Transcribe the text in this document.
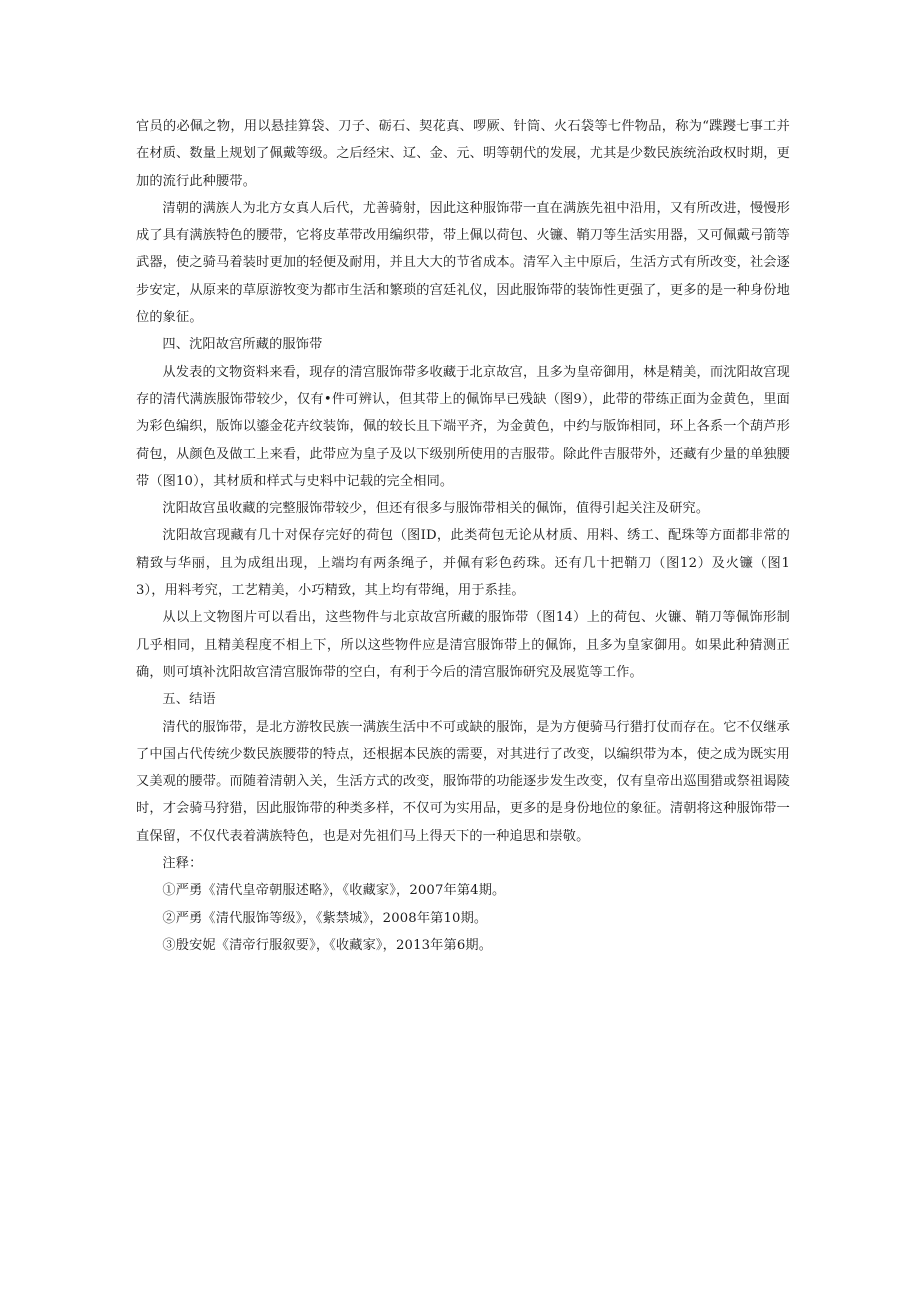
官员的必佩之物，用以悬挂算袋、刀子、砺石、契花真、啰厥、针筒、火石袋等七件物品，称为“蹀躞七事工并在材质、数量上规划了佩戴等级。之后经宋、辽、金、元、明等朝代的发展，尤其是少数民族统治政权时期，更加的流行此种腰带。

清朝的满族人为北方女真人后代，尤善骑射，因此这种服饰带一直在满族先祖中沿用，又有所改进，慢慢形成了具有满族特色的腰带，它将皮革带改用编织带，带上佩以荷包、火镰、鞘刀等生活实用器，又可佩戴弓箭等武器，使之骑马着装时更加的轻便及耐用，并且大大的节省成本。清军入主中原后，生活方式有所改变，社会逐步安定，从原来的草原游牧变为都市生活和繁琐的宫廷礼仪，因此服饰带的装饰性更强了，更多的是一种身份地位的象征。

四、沈阳故宫所藏的服饰带

从发表的文物资料来看，现存的清宫服饰带多收藏于北京故宫，且多为皇帝御用，林是精美，而沈阳故宫现存的清代满族服饰带较少，仅有•件可辨认，但其带上的佩饰早已残缺（图9），此带的带练正面为金黄色，里面为彩色编织，版饰以鎏金花卉纹装饰，佩的较长且下端平齐，为金黄色，中约与版饰相同，环上各系一个葫芦形荷包，从颜色及做工上来看，此带应为皇子及以下级别所使用的吉服带。除此件吉服带外，还藏有少量的单独腰带（图10），其材质和样式与史料中记载的完全相同。

沈阳故宫虽收藏的完整服饰带较少，但还有很多与服饰带相关的佩饰，值得引起关注及研究。

沈阳故宫现藏有几十对保存完好的荷包（图ID，此类荷包无论从材质、用料、绣工、配珠等方面都非常的精致与华丽，且为成组出现，上端均有两条绳子，并佩有彩色药珠。还有几十把鞘刀（图12）及火镰（图13），用料考究，工艺精美，小巧精致，其上均有带绳，用于系挂。

从以上文物图片可以看出，这些物件与北京故宫所藏的服饰带（图14）上的荷包、火镰、鞘刀等佩饰形制几乎相同，且精美程度不相上下，所以这些物件应是清宫服饰带上的佩饰，且多为皇家御用。如果此种猜测正确，则可填补沈阳故宫清宫服饰带的空白，有利于今后的清宫服饰研究及展览等工作。

五、结语

清代的服饰带，是北方游牧民族一满族生活中不可或缺的服饰，是为方便骑马行猎打仗而存在。它不仅继承了中国占代传统少数民族腰带的特点，还根据本民族的需要，对其进行了改变，以编织带为本，使之成为既实用又美观的腰带。而随着清朝入关，生活方式的改变，服饰带的功能逐步发生改变，仅有皇帝出巡围猎或祭祖谒陵时，才会骑马狩猎，因此服饰带的种类多样，不仅可为实用品，更多的是身份地位的象征。清朝将这种服饰带一直保留，不仅代表着满族特色，也是对先祖们马上得天下的一种追思和崇敬。

注释：

①严勇《清代皇帝朝服述略》，《收藏家》，2007年第4期。

②严勇《清代服饰等级》，《紫禁城》，2008年第10期。

③殷安妮《清帝行服叙要》，《收藏家》，2013年第6期。
